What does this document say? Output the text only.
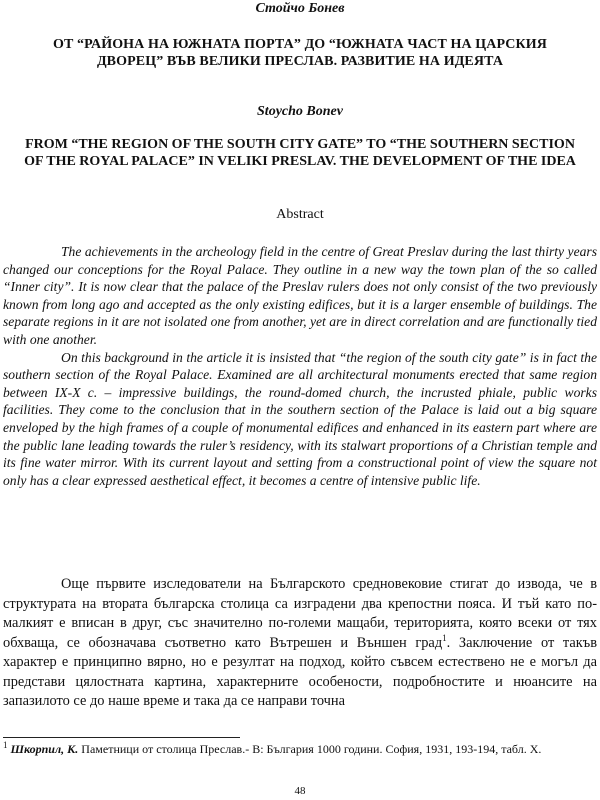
Стойчо Бонев
ОТ “РАЙОНА НА ЮЖНАТА ПОРТА” ДО “ЮЖНАТА ЧАСТ НА ЦАРСКИЯ ДВОРЕЦ” ВЪВ ВЕЛИКИ ПРЕСЛАВ. РАЗВИТИЕ НА ИДЕЯТА
Stoycho Bonev
FROM “THE REGION OF THE SOUTH CITY GATE” TO “THE SOUTHERN SECTION OF THE ROYAL PALACE” IN VELIKI PRESLAV. THE DEVELOPMENT OF THE IDEA
Abstract

The achievements in the archeology field in the centre of Great Preslav during the last thirty years changed our conceptions for the Royal Palace. They outline in a new way the town plan of the so called “Inner city”. It is now clear that the palace of the Preslav rulers does not only consist of the two previously known from long ago and accepted as the only existing edifices, but it is a larger ensemble of buildings. The separate regions in it are not isolated one from another, yet are in direct correlation and are functionally tied with one another.

On this background in the article it is insisted that “the region of the south city gate” is in fact the southern section of the Royal Palace. Examined are all architectural monuments erected that same region between IX-X c. – impressive buildings, the round-domed church, the incrusted phiale, public works facilities. They come to the conclusion that in the southern section of the Palace is laid out a big square enveloped by the high frames of a couple of monumental edifices and enhanced in its eastern part where are the public lane leading towards the ruler’s residency, with its stalwart proportions of a Christian temple and its fine water mirror. With its current layout and setting from a constructional point of view the square not only has a clear expressed aesthetical effect, it becomes a centre of intensive public life.

Още първите изследователи на Българското средновековие стигат до извода, че в структурата на втората българска столица са изградени два крепостни пояса. И тъй като по-малкият е вписан в друг, със значително по-големи мащаби, територията, която всеки от тях обхваща, се обозначава съответно като Вътрешен и Външен град$^1$. Заключение от такъв характер е принципно вярно, но е резултат на подход, който съвсем естествено не е могъл да представи цялостната картина, характерните особености, подробностите и нюансите на запазилото се до наше време и така да се направи точна

$^1$ Шкорпил, К. Паметници от столица Преслав.- В: България 1000 години. София, 1931, 193-194, табл. Х.
48
